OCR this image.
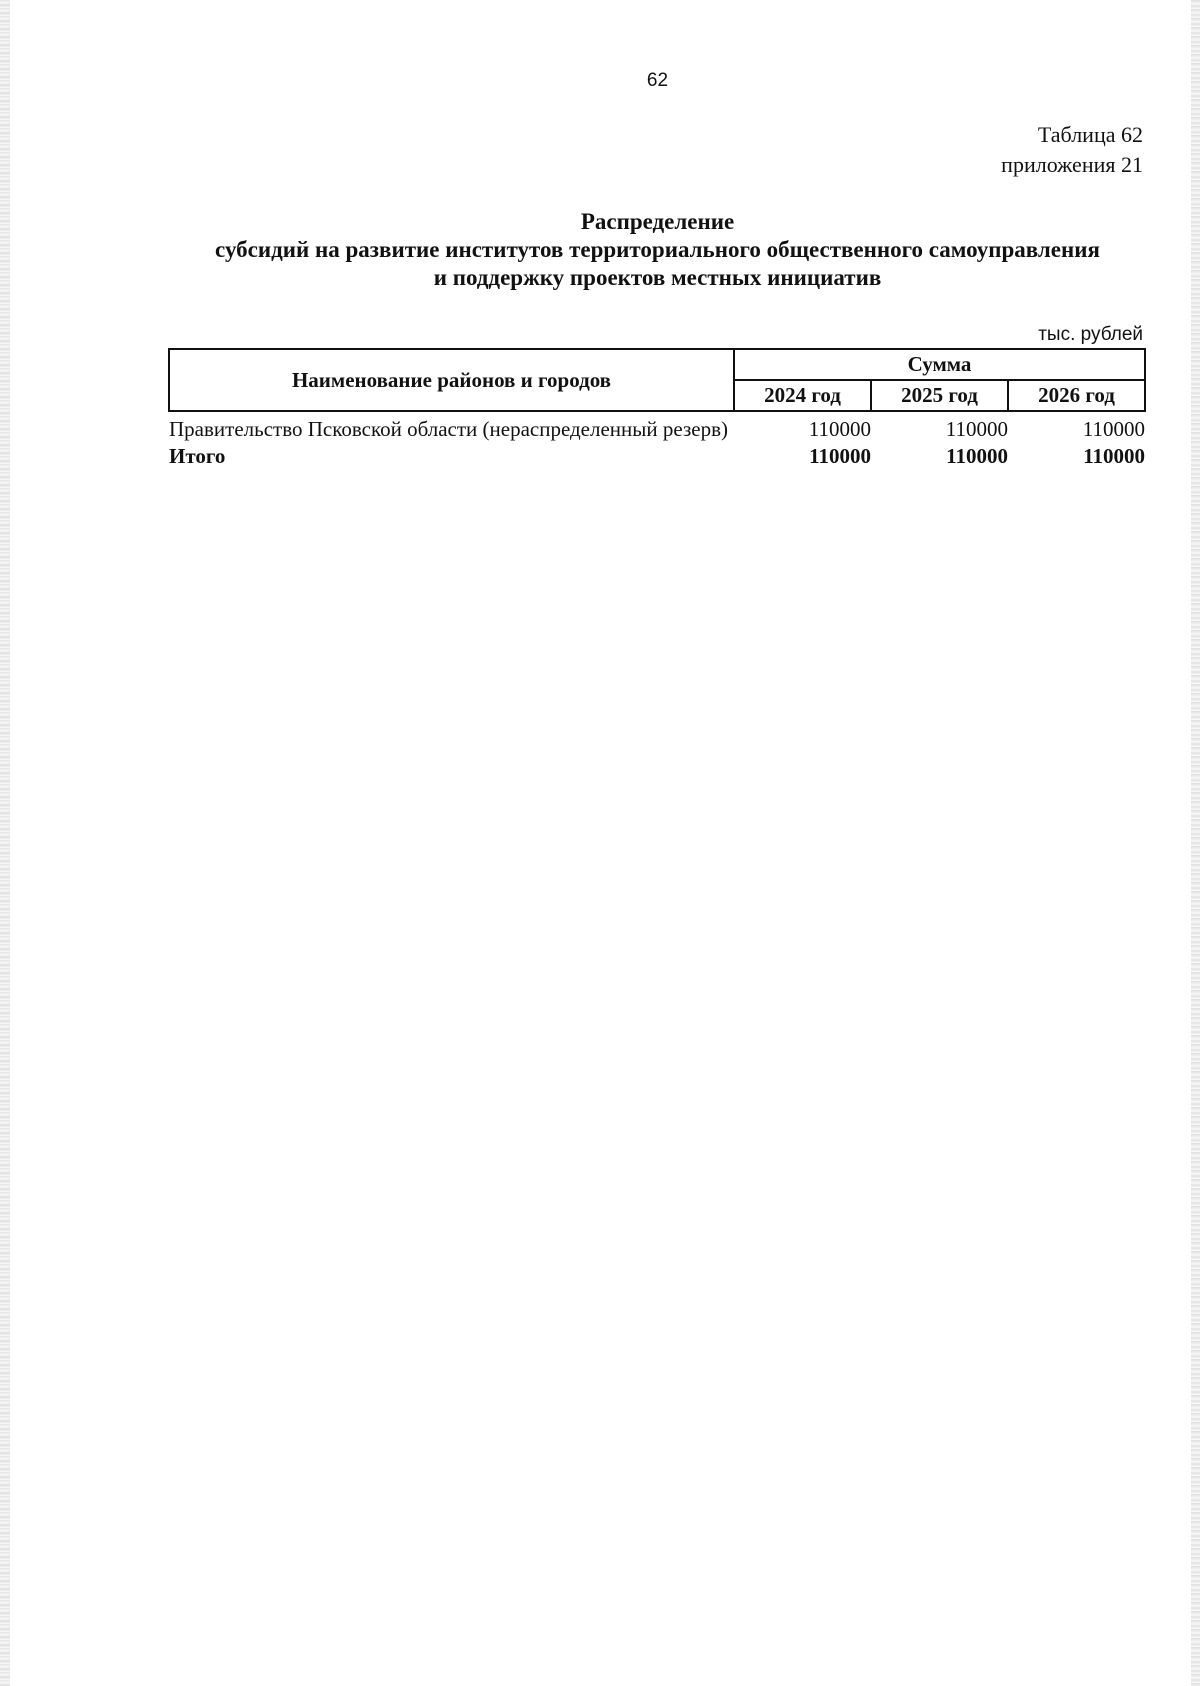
62
Таблица 62
приложения 21
Распределение
субсидий на развитие институтов территориального общественного самоуправления
и поддержку проектов местных инициатив
тыс. рублей
Наименование районов и городов	Сумма		
	2024 год	2025 год	2026 год
Правительство Псковской области (нераспределенный резерв)	110000	110000	110000
Итого	110000	110000	110000
